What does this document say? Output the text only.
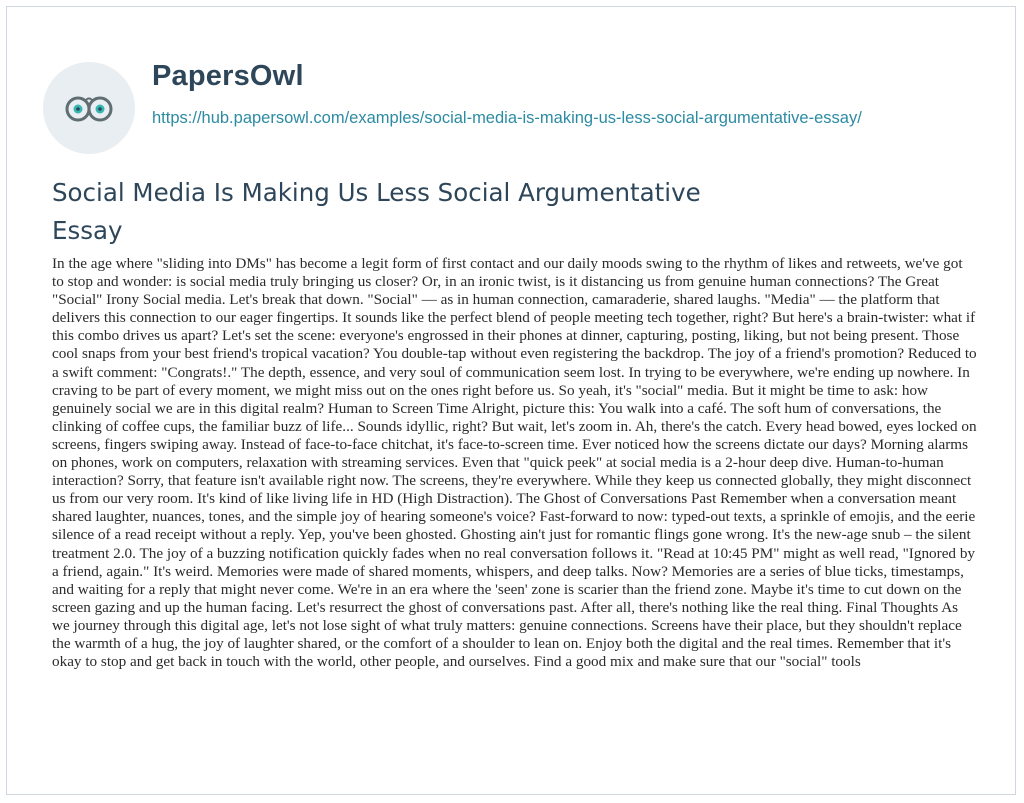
PapersOwl
https://hub.papersowl.com/examples/social-media-is-making-us-less-social-argumentative-essay/
Social Media Is Making Us Less Social Argumentative Essay

In the age where "sliding into DMs" has become a legit form of first contact and our daily moods swing to the rhythm of likes and retweets, we've got to stop and wonder: is social media truly bringing us closer? Or, in an ironic twist, is it distancing us from genuine human connections? The Great "Social" Irony Social media. Let's break that down. "Social" — as in human connection, camaraderie, shared laughs. "Media" — the platform that delivers this connection to our eager fingertips. It sounds like the perfect blend of people meeting tech together, right? But here's a brain-twister: what if this combo drives us apart? Let's set the scene: everyone's engrossed in their phones at dinner, capturing, posting, liking, but not being present. Those cool snaps from your best friend's tropical vacation? You double-tap without even registering the backdrop. The joy of a friend's promotion? Reduced to a swift comment: "Congrats!." The depth, essence, and very soul of communication seem lost. In trying to be everywhere, we're ending up nowhere. In craving to be part of every moment, we might miss out on the ones right before us. So yeah, it's "social" media. But it might be time to ask: how genuinely social we are in this digital realm? Human to Screen Time Alright, picture this: You walk into a café. The soft hum of conversations, the clinking of coffee cups, the familiar buzz of life... Sounds idyllic, right? But wait, let's zoom in. Ah, there's the catch. Every head bowed, eyes locked on screens, fingers swiping away. Instead of face-to-face chitchat, it's face-to-screen time. Ever noticed how the screens dictate our days? Morning alarms on phones, work on computers, relaxation with streaming services. Even that "quick peek" at social media is a 2-hour deep dive. Human-to-human interaction? Sorry, that feature isn't available right now. The screens, they're everywhere. While they keep us connected globally, they might disconnect us from our very room. It's kind of like living life in HD (High Distraction). The Ghost of Conversations Past Remember when a conversation meant shared laughter, nuances, tones, and the simple joy of hearing someone's voice? Fast-forward to now: typed-out texts, a sprinkle of emojis, and the eerie silence of a read receipt without a reply. Yep, you've been ghosted. Ghosting ain't just for romantic flings gone wrong. It's the new-age snub – the silent treatment 2.0. The joy of a buzzing notification quickly fades when no real conversation follows it. "Read at 10:45 PM" might as well read, "Ignored by a friend, again." It's weird. Memories were made of shared moments, whispers, and deep talks. Now? Memories are a series of blue ticks, timestamps, and waiting for a reply that might never come. We're in an era where the 'seen' zone is scarier than the friend zone. Maybe it's time to cut down on the screen gazing and up the human facing. Let's resurrect the ghost of conversations past. After all, there's nothing like the real thing. Final Thoughts As we journey through this digital age, let's not lose sight of what truly matters: genuine connections. Screens have their place, but they shouldn't replace the warmth of a hug, the joy of laughter shared, or the comfort of a shoulder to lean on. Enjoy both the digital and the real times. Remember that it's okay to stop and get back in touch with the world, other people, and ourselves. Find a good mix and make sure that our "social" tools
